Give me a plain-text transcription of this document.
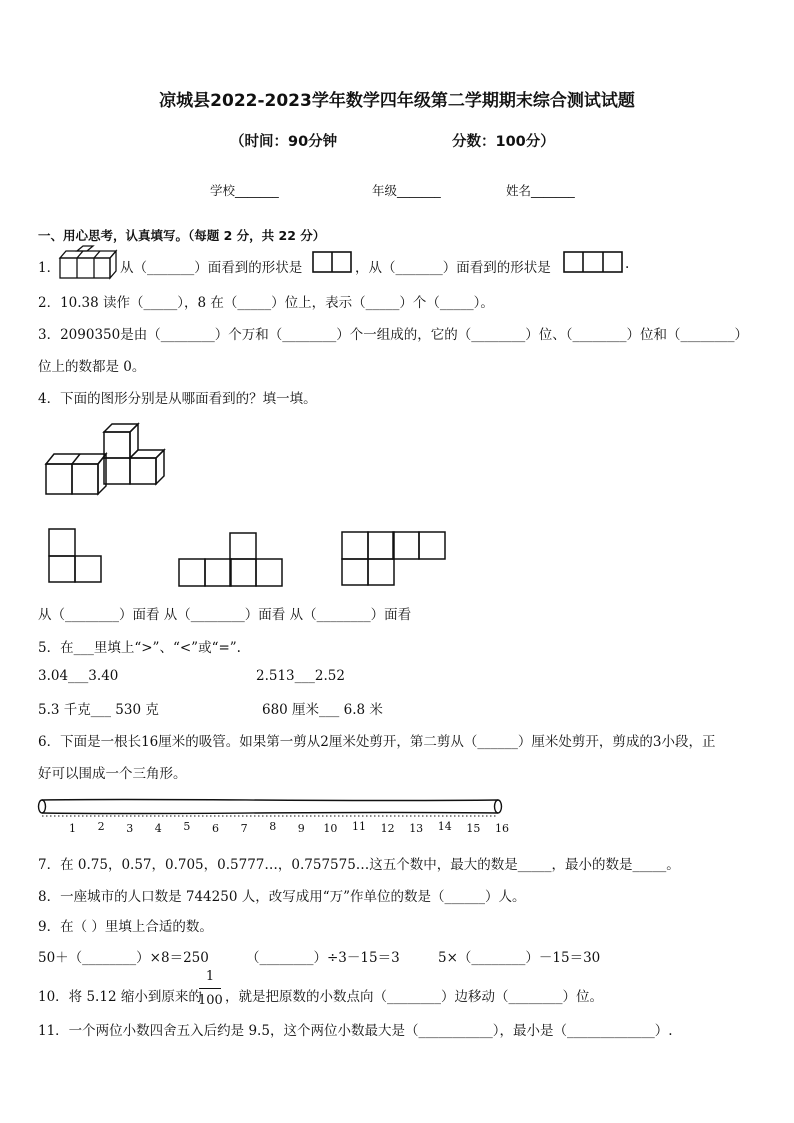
凉城县2022-2023学年数学四年级第二学期期末综合测试试题
（时间：90分钟	分数：100分）
学校_______	年级_______	姓名_______
一、用心思考，认真填写。（每题 2 分，共 22 分）
1．	从（_______）面看到的形状是	，从（_______）面看到的形状是	.
2．10.38 读作（_____），8 在（_____）位上，表示（_____）个（_____）。
3．2090350是由（________）个万和（________）个一组成的，它的（________）位、（________）位和（________）
位上的数都是 0。
4．下面的图形分别是从哪面看到的？填一填。
从（________）面看 从（________）面看 从（________）面看
5．在___里填上“>”、“<”或“=”.
3.04___3.40	2.513___2.52
5.3 千克___ 530 克	680 厘米___ 6.8 米
6．下面是一根长16厘米的吸管。如果第一剪从2厘米处剪开，第二剪从（______）厘米处剪开，剪成的3小段，正
好可以围成一个三角形。
1 2 3 4 5 6 7 8 9 10 11 12 13 14 15 16
7．在 0.75，0.57，0.705，0.5777…，0.757575…这五个数中，最大的数是_____，最小的数是_____。
8．一座城市的人口数是 744250 人，改写成用“万”作单位的数是（______）人。
9．在（ ）里填上合适的数。
50＋（________）×8＝250	（________）÷3－15＝3	5×（________）－15＝30
10．将 5.12 缩小到原来的
1
100 ，就是把原数的小数点向（________）边移动（________）位。
11．一个两位小数四舍五入后约是 9.5，这个两位小数最大是（___________），最小是（_____________）.
